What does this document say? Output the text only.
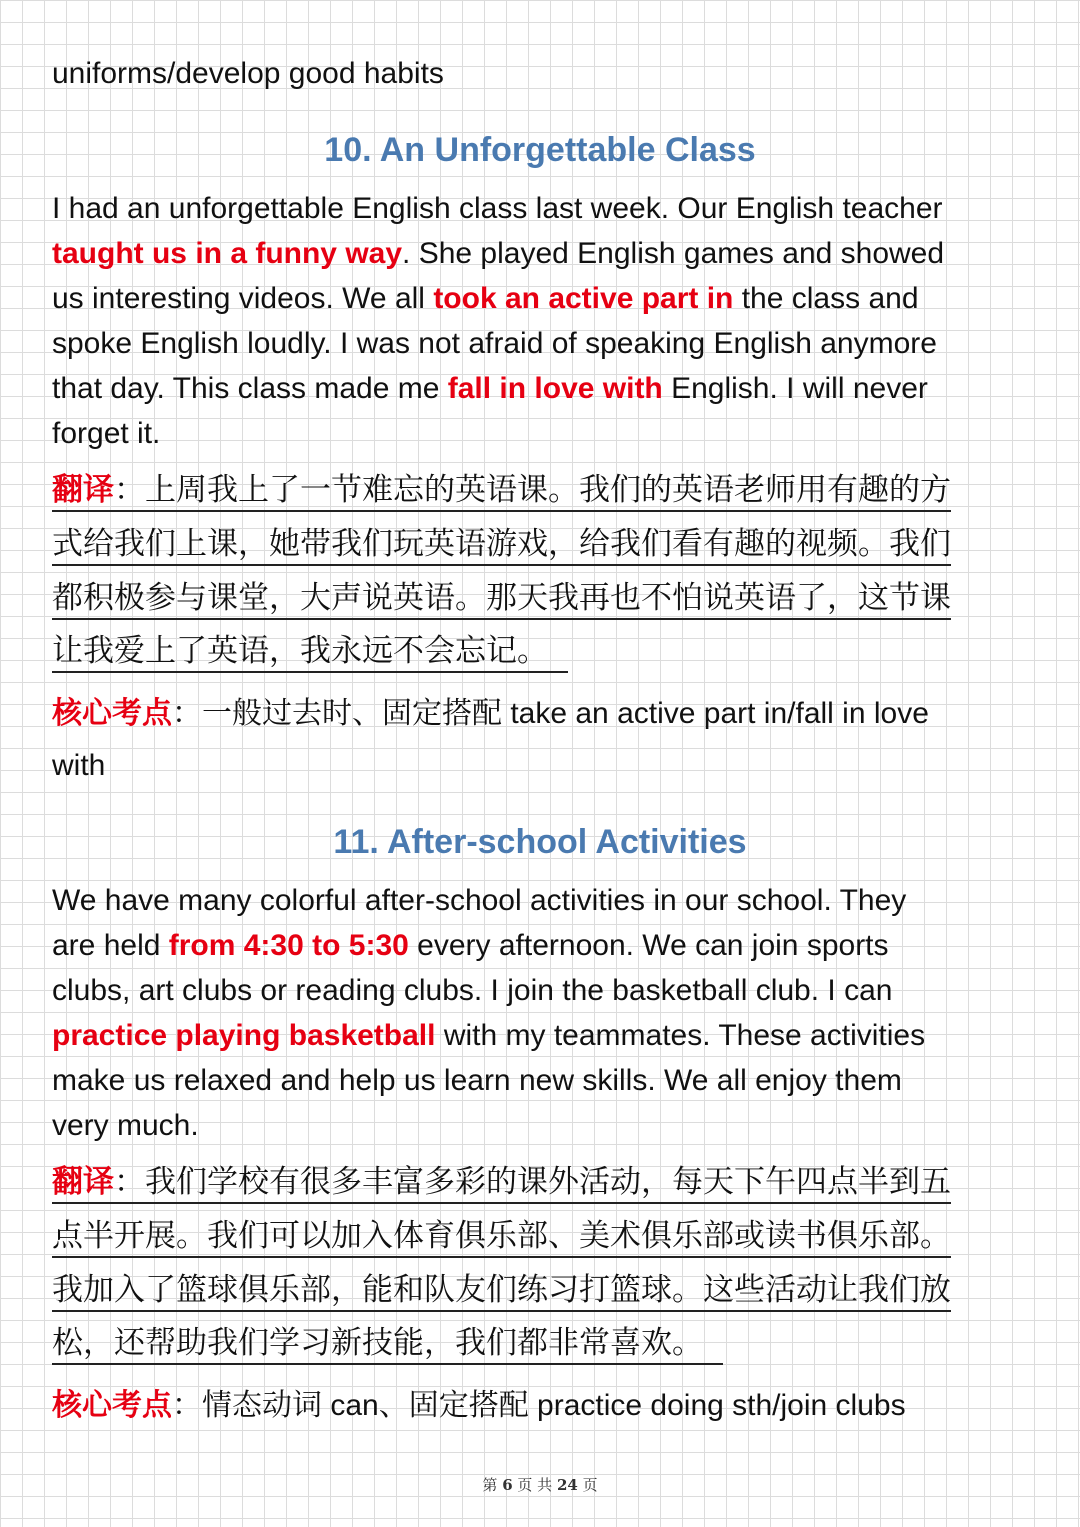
uniforms/develop good habits

10. An Unforgettable Class

I had an unforgettable English class last week. Our English teacher

taught us in a funny way. She played English games and showed

us interesting videos. We all took an active part in the class and

spoke English loudly. I was not afraid of speaking English anymore

that day. This class made me fall in love with English. I will never

forget it.

翻译：上周我上了一节难忘的英语课。我们的英语老师用有趣的方
式给我们上课，她带我们玩英语游戏，给我们看有趣的视频。我们
都积极参与课堂，大声说英语。那天我再也不怕说英语了，这节课
让我爱上了英语，我永远不会忘记。
核心考点：一般过去时、固定搭配 take an active part in/fall in love
with
11. After-school Activities

We have many colorful after-school activities in our school. They

are held from 4:30 to 5:30 every afternoon. We can join sports

clubs, art clubs or reading clubs. I join the basketball club. I can

practice playing basketball with my teammates. These activities

make us relaxed and help us learn new skills. We all enjoy them

very much.

翻译：我们学校有很多丰富多彩的课外活动，每天下午四点半到五
点半开展。我们可以加入体育俱乐部、美术俱乐部或读书俱乐部。
我加入了篮球俱乐部，能和队友们练习打篮球。这些活动让我们放
松，还帮助我们学习新技能，我们都非常喜欢。
核心考点：情态动词 can、固定搭配 practice doing sth/join clubs
第 6 页 共 24 页
